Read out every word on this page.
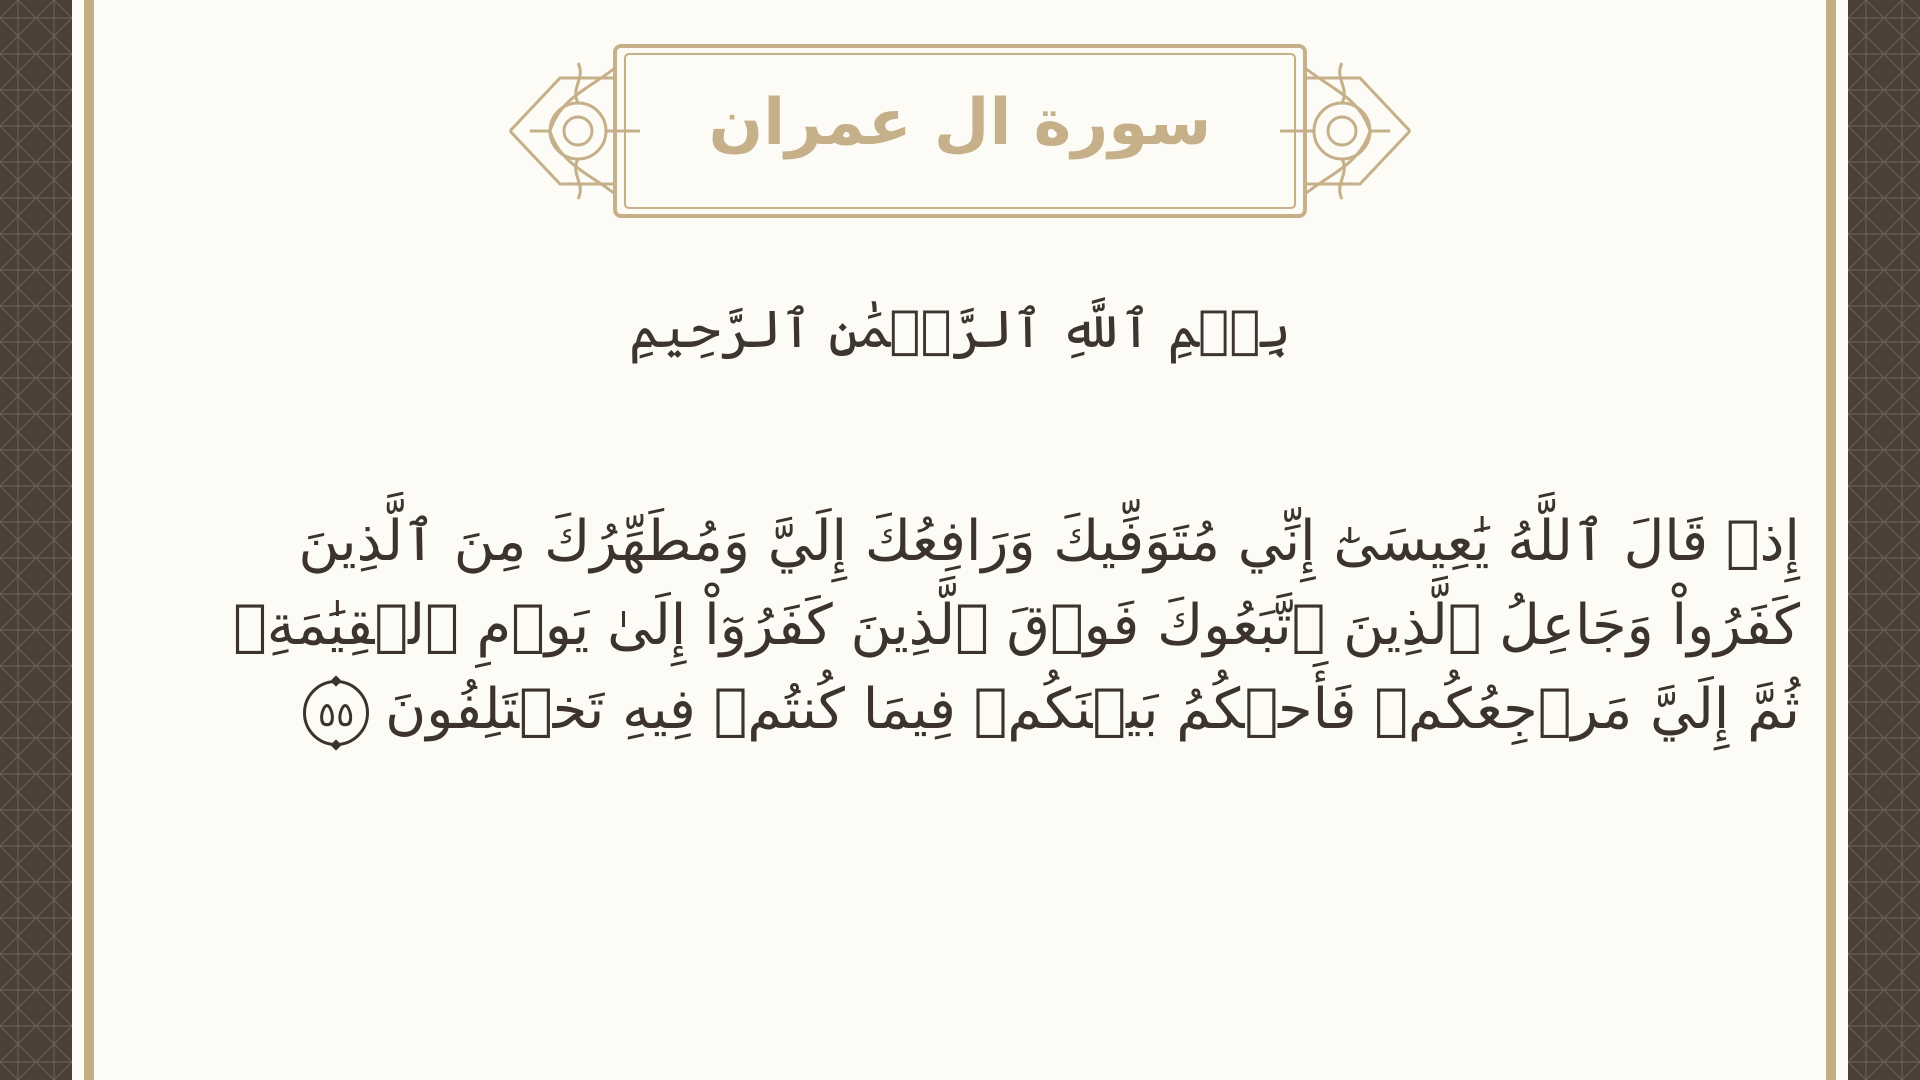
سورة ال عمران
بِسۡمِ ٱللَّهِ ٱلرَّحۡمَٰنِ ٱلرَّحِيمِ
إِذۡ قَالَ ٱللَّهُ يَٰعِيسَىٰٓ إِنِّي مُتَوَفِّيكَ وَرَافِعُكَ إِلَيَّ وَمُطَهِّرُكَ مِنَ ٱلَّذِينَ
كَفَرُواْ وَجَاعِلُ ٱلَّذِينَ ٱتَّبَعُوكَ فَوۡقَ ٱلَّذِينَ كَفَرُوٓاْ إِلَىٰ يَوۡمِ ٱلۡقِيَٰمَةِۖ
ثُمَّ إِلَيَّ مَرۡجِعُكُمۡ فَأَحۡكُمُ بَيۡنَكُمۡ فِيمَا كُنتُمۡ فِيهِ تَخۡتَلِفُونَ٥٥
